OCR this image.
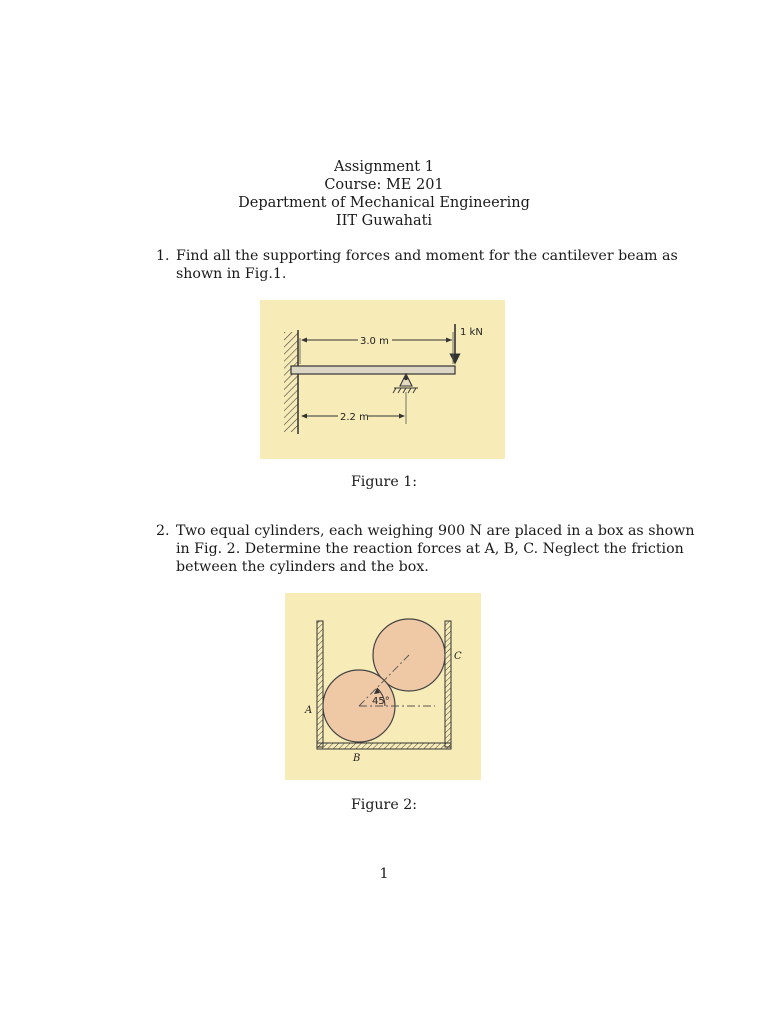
Assignment 1
Course: ME 201
Department of Mechanical Engineering
IIT Guwahati
1. Find all the supporting forces and moment for the cantilever beam as
shown in Fig.1.
1 kN
3.0 m
2.2 m
Figure 1:
2. Two equal cylinders, each weighing 900 N are placed in a box as shown
in Fig. 2. Determine the reaction forces at A, B, C. Neglect the friction
between the cylinders and the box.
45°
A
B
C
Figure 2:
1
